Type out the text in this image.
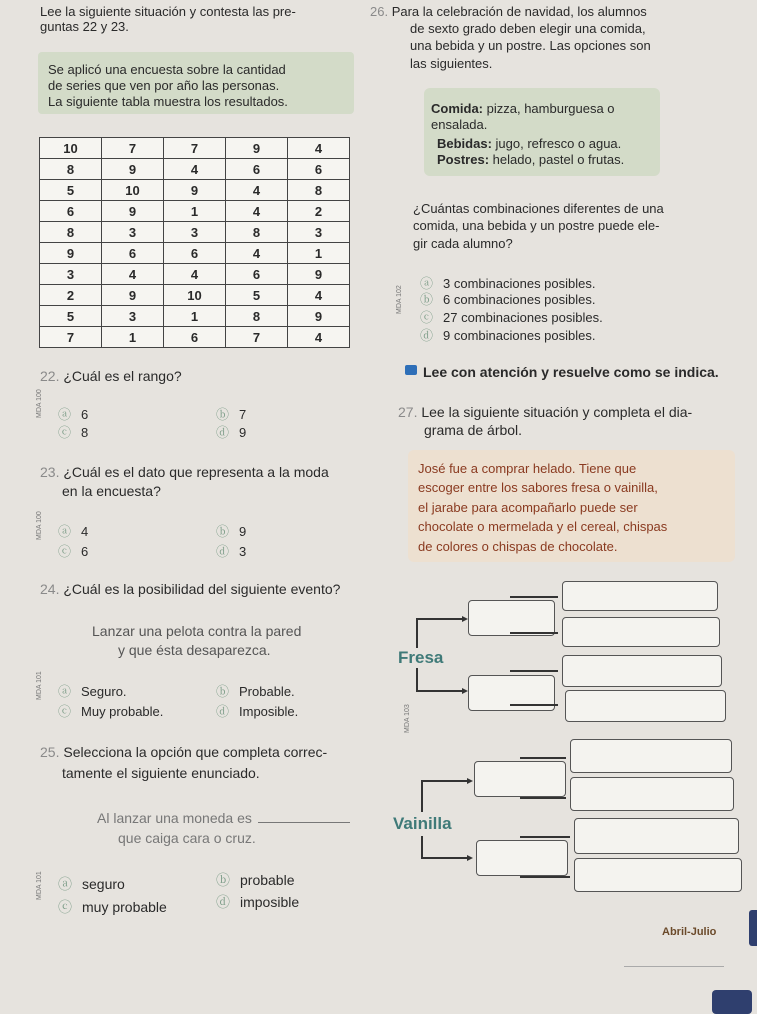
Lee la siguiente situación y contesta las pre-
guntas 22 y 23.
Se aplicó una encuesta sobre la cantidad
de series que ven por año las personas.
La siguiente tabla muestra los resultados.
10	7	7	9	4
8	9	4	6	6
5	10	9	4	8
6	9	1	4	2
8	3	3	8	3
9	6	6	4	1
3	4	4	6	9
2	9	10	5	4
5	3	1	8	9
7	1	6	7	4
22. ¿Cuál es el rango?
MDA 100 ⓐ 6	ⓑ 7
ⓒ 8	ⓓ 9
23. ¿Cuál es el dato que representa a la moda
en la encuesta?
MDA 100 ⓐ 4	ⓑ 9
ⓒ 6	ⓓ 3
24. ¿Cuál es la posibilidad del siguiente evento?
Lanzar una pelota contra la pared
y que ésta desaparezca.
MDA 101 ⓐ Seguro.	ⓑ Probable.
ⓒ Muy probable.	ⓓ Imposible.
25. Selecciona la opción que completa correc-
tamente el siguiente enunciado.
Al lanzar una moneda es
que caiga cara o cruz.
MDA 101 ⓐ seguro	ⓑ probable
ⓒ muy probable	ⓓ imposible
26. Para la celebración de navidad, los alumnos
de sexto grado deben elegir una comida,
una bebida y un postre. Las opciones son
las siguientes.
Comida: pizza, hamburguesa o
ensalada.
Bebidas: jugo, refresco o agua.
Postres: helado, pastel o frutas.
¿Cuántas combinaciones diferentes de una
comida, una bebida y un postre puede ele-
gir cada alumno?
MDA 102
ⓐ 3 combinaciones posibles.
ⓑ 6 combinaciones posibles.
ⓒ 27 combinaciones posibles.
ⓓ 9 combinaciones posibles.
Lee con atención y resuelve como se indica.
27. Lee la siguiente situación y completa el dia-
grama de árbol.
José fue a comprar helado. Tiene que
escoger entre los sabores fresa o vainilla,
el jarabe para acompañarlo puede ser
chocolate o mermelada y el cereal, chispas
de colores o chispas de chocolate.
MDA 103
Fresa
Vainilla
Abril-Julio
